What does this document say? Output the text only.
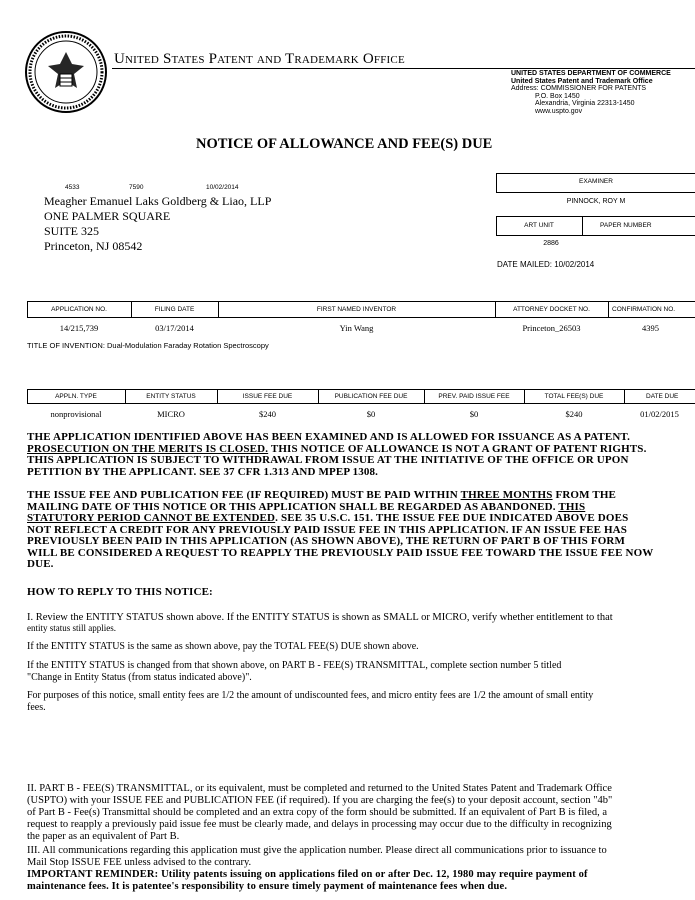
United States Patent and Trademark Office
UNITED STATES DEPARTMENT OF COMMERCE
United States Patent and Trademark Office
Address: COMMISSIONER FOR PATENTS
P.O. Box 1450
Alexandria, Virginia 22313-1450
www.uspto.gov
NOTICE OF ALLOWANCE AND FEE(S) DUE
4533	7590	10/02/2014
Meagher Emanuel Laks Goldberg & Liao, LLP
ONE PALMER SQUARE
SUITE 325
Princeton, NJ 08542
EXAMINER
PINNOCK, ROY M
ART UNIT	PAPER NUMBER
2886
DATE MAILED: 10/02/2014
APPLICATION NO.	FILING DATE	FIRST NAMED INVENTOR	ATTORNEY DOCKET NO.	CONFIRMATION NO.
14/215,739	03/17/2014	Yin Wang	Princeton_26503	4395
TITLE OF INVENTION: Dual-Modulation Faraday Rotation Spectroscopy
APPLN. TYPE	ENTITY STATUS	ISSUE FEE DUE	PUBLICATION FEE DUE	PREV. PAID ISSUE FEE	TOTAL FEE(S) DUE	DATE DUE
nonprovisional	MICRO	$240	$0	$0	$240	01/02/2015
THE APPLICATION IDENTIFIED ABOVE HAS BEEN EXAMINED AND IS ALLOWED FOR ISSUANCE AS A PATENT.
PROSECUTION ON THE MERITS IS CLOSED. THIS NOTICE OF ALLOWANCE IS NOT A GRANT OF PATENT RIGHTS.
THIS APPLICATION IS SUBJECT TO WITHDRAWAL FROM ISSUE AT THE INITIATIVE OF THE OFFICE OR UPON
PETITION BY THE APPLICANT. SEE 37 CFR 1.313 AND MPEP 1308.
THE ISSUE FEE AND PUBLICATION FEE (IF REQUIRED) MUST BE PAID WITHIN THREE MONTHS FROM THE
MAILING DATE OF THIS NOTICE OR THIS APPLICATION SHALL BE REGARDED AS ABANDONED. THIS
STATUTORY PERIOD CANNOT BE EXTENDED. SEE 35 U.S.C. 151. THE ISSUE FEE DUE INDICATED ABOVE DOES
NOT REFLECT A CREDIT FOR ANY PREVIOUSLY PAID ISSUE FEE IN THIS APPLICATION. IF AN ISSUE FEE HAS
PREVIOUSLY BEEN PAID IN THIS APPLICATION (AS SHOWN ABOVE), THE RETURN OF PART B OF THIS FORM
WILL BE CONSIDERED A REQUEST TO REAPPLY THE PREVIOUSLY PAID ISSUE FEE TOWARD THE ISSUE FEE NOW
DUE.
HOW TO REPLY TO THIS NOTICE:
I. Review the ENTITY STATUS shown above. If the ENTITY STATUS is shown as SMALL or MICRO, verify whether entitlement to that
entity status still applies.
If the ENTITY STATUS is the same as shown above, pay the TOTAL FEE(S) DUE shown above.
If the ENTITY STATUS is changed from that shown above, on PART B - FEE(S) TRANSMITTAL, complete section number 5 titled
"Change in Entity Status (from status indicated above)".
For purposes of this notice, small entity fees are 1/2 the amount of undiscounted fees, and micro entity fees are 1/2 the amount of small entity
fees.
II. PART B - FEE(S) TRANSMITTAL, or its equivalent, must be completed and returned to the United States Patent and Trademark Office
(USPTO) with your ISSUE FEE and PUBLICATION FEE (if required). If you are charging the fee(s) to your deposit account, section "4b"
of Part B - Fee(s) Transmittal should be completed and an extra copy of the form should be submitted. If an equivalent of Part B is filed, a
request to reapply a previously paid issue fee must be clearly made, and delays in processing may occur due to the difficulty in recognizing
the paper as an equivalent of Part B.
III. All communications regarding this application must give the application number. Please direct all communications prior to issuance to
Mail Stop ISSUE FEE unless advised to the contrary.
IMPORTANT REMINDER: Utility patents issuing on applications filed on or after Dec. 12, 1980 may require payment of
maintenance fees. It is patentee's responsibility to ensure timely payment of maintenance fees when due.
